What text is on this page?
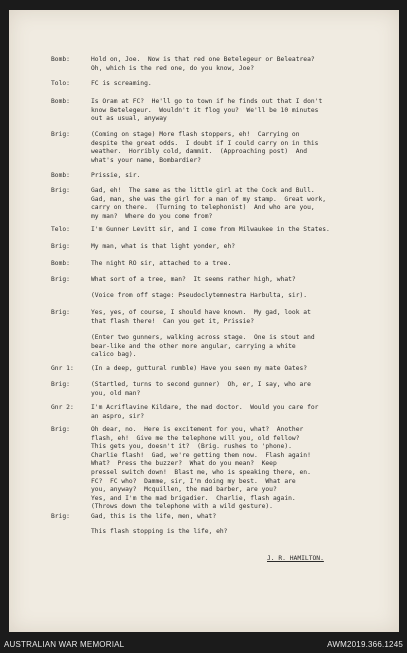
J. R. HAMILTON.
Bomb:	Hold on, Joe.  Now is that red one Betelegeur or Beleatrea?
Oh, which is the red one, do you know, Joe?
Tolo:	FC is screaming.
Bomb:	Is Oram at FC?  He'll go to town if he finds out that I don't
know Betelegeur.  Wouldn't it flog you?  We'll be 10 minutes
out as usual, anyway
Brig:	(Coming on stage) More flash stoppers, eh!  Carrying on
despite the great odds.  I doubt if I could carry on in this
weather.  Horribly cold, dammit.  (Approaching post)  And
what's your name, Bombardier?
Bomb:	Prissie, sir.
Brig:	Gad, eh!  The same as the little girl at the Cock and Bull.
Gad, man, she was the girl for a man of my stamp.  Great work,
carry on there.  (Turning to telephonist)  And who are you,
my man?  Where do you come from?
Telo:	I'm Gunner Levitt sir, and I come from Milwaukee in the States.
Brig:	My man, what is that light yonder, eh?
Bomb:	The night RO sir, attached to a tree.
Brig:	What sort of a tree, man?  It seems rather high, what?
(Voice from off stage: Pseudoclytemnestra Harbulta, sir).
Brig:	Yes, yes, of course, I should have known.  My gad, look at
that flash there!  Can you get it, Prissie?
(Enter two gunners, walking across stage.  One is stout and
bear-like and the other more angular, carrying a white
calico bag).
Gnr 1:	(In a deep, guttural rumble) Have you seen my mate Oates?
Brig:	(Startled, turns to second gunner)  Oh, er, I say, who are
you, old man?
Gnr 2:	I'm Acriflavine Kildare, the mad doctor.  Would you care for
an aspro, sir?
Brig:	Oh dear, no.  Here is excitement for you, what?  Another
flash, eh!  Give me the telephone will you, old fellow?
This gets you, doesn't it?  (Brig. rushes to 'phone).
Charlie flash!  Gad, we're getting them now.  Flash again!
What?  Press the buzzer?  What do you mean?  Keep
pressel switch down!  Blast me, who is speaking there, en.
FC?  FC who?  Damme, sir, I'm doing my best.  What are
you, anyway?  Mcquillen, the mad barber, are you?
Yes, and I'm the mad brigadier.  Charlie, flash again.
(Throws down the telephone with a wild gesture).
Brig:	Gad, this is the life, men, what?
This flash stopping is the life, eh?
AUSTRALIAN WAR MEMORIAL	AWM2019.366.1245
